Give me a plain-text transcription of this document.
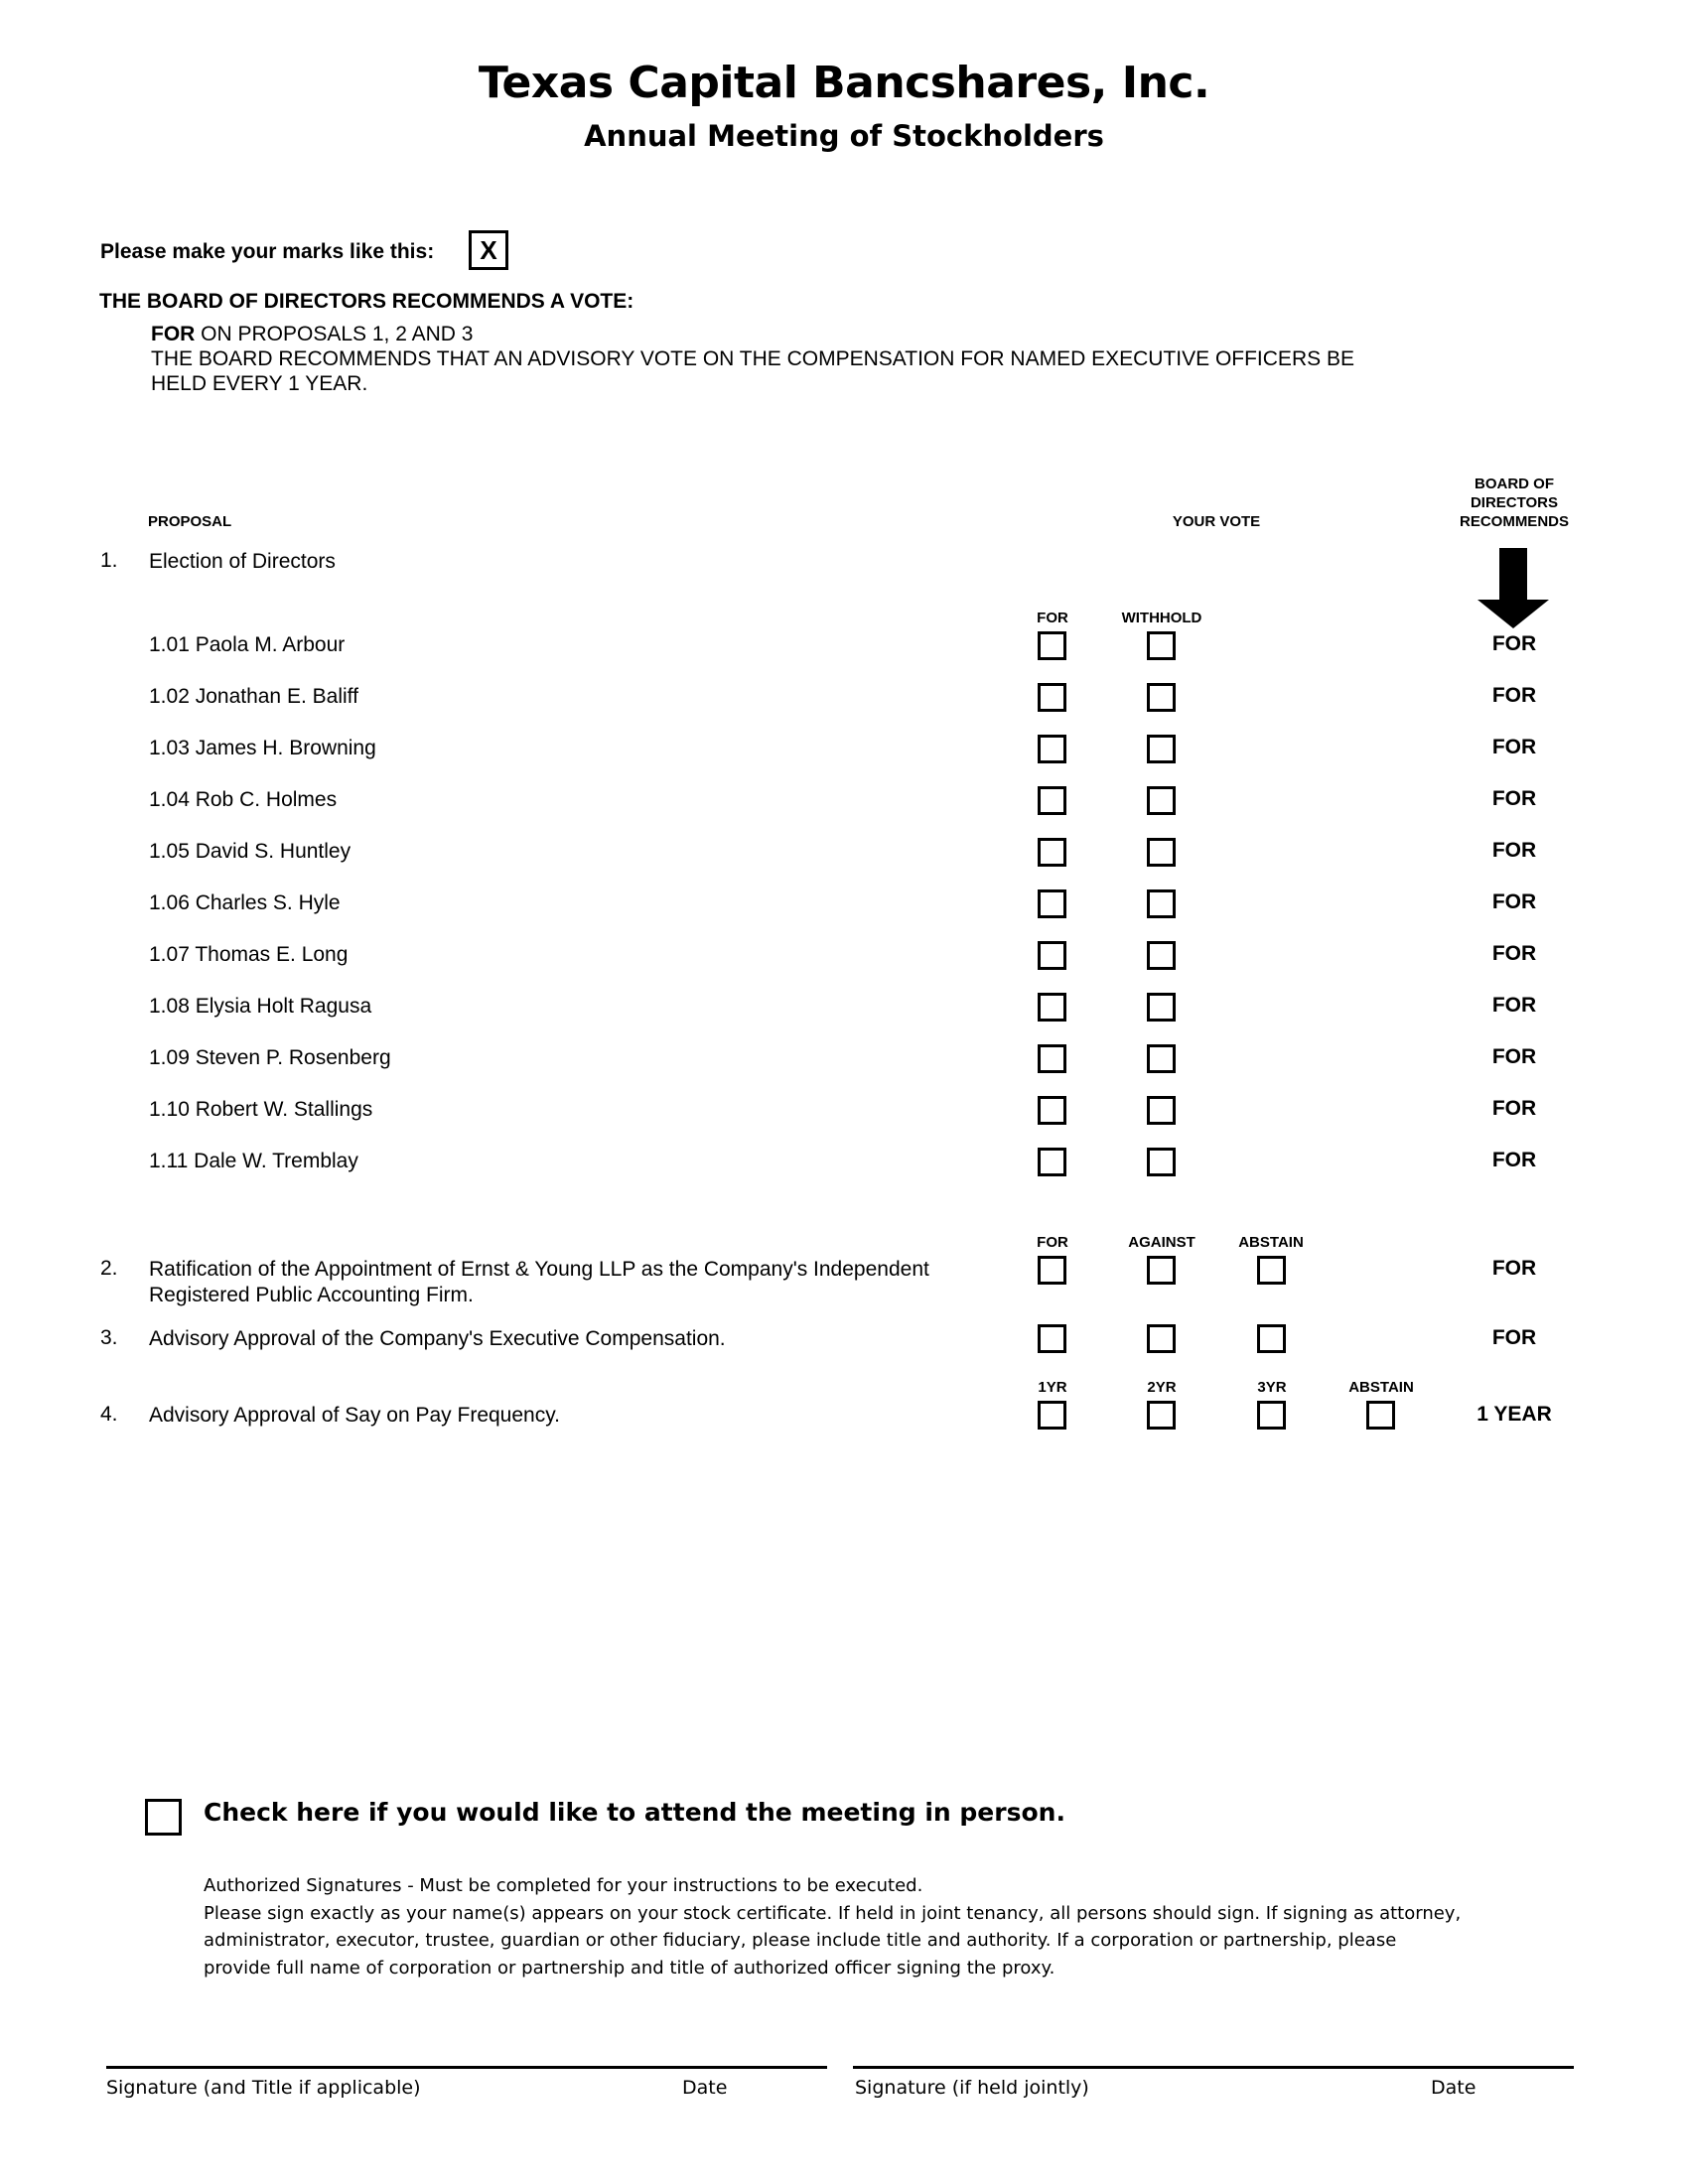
Texas Capital Bancshares, Inc.
Annual Meeting of Stockholders
Please make your marks like this:	X
THE BOARD OF DIRECTORS RECOMMENDS A VOTE:
FOR ON PROPOSALS 1, 2 AND 3
THE BOARD RECOMMENDS THAT AN ADVISORY VOTE ON THE COMPENSATION FOR NAMED EXECUTIVE OFFICERS BE
HELD EVERY 1 YEAR.
PROPOSAL	YOUR VOTE
BOARD OF
DIRECTORS
RECOMMENDS
1. Election of Directors
FOR	WITHHOLD
1.01 Paola M. Arbour	FOR
1.02 Jonathan E. Baliff	FOR
1.03 James H. Browning	FOR
1.04 Rob C. Holmes	FOR
1.05 David S. Huntley	FOR
1.06 Charles S. Hyle	FOR
1.07 Thomas E. Long	FOR
1.08 Elysia Holt Ragusa	FOR
1.09 Steven P. Rosenberg	FOR
1.10 Robert W. Stallings	FOR
1.11 Dale W. Tremblay	FOR
FOR	AGAINST	ABSTAIN
2. Ratification of the Appointment of Ernst & Young LLP as the Company's Independent
Registered Public Accounting Firm.
FOR
3. Advisory Approval of the Company's Executive Compensation.	FOR
1YR	2YR	3YR	ABSTAIN
4. Advisory Approval of Say on Pay Frequency.	1 YEAR
Check here if you would like to attend the meeting in person.
Authorized Signatures - Must be completed for your instructions to be executed.
Please sign exactly as your name(s) appears on your stock certificate. If held in joint tenancy, all persons should sign. If signing as attorney,
administrator, executor, trustee, guardian or other fiduciary, please include title and authority. If a corporation or partnership, please
provide full name of corporation or partnership and title of authorized officer signing the proxy.
Signature (and Title if applicable)	Date	Signature (if held jointly)	Date
